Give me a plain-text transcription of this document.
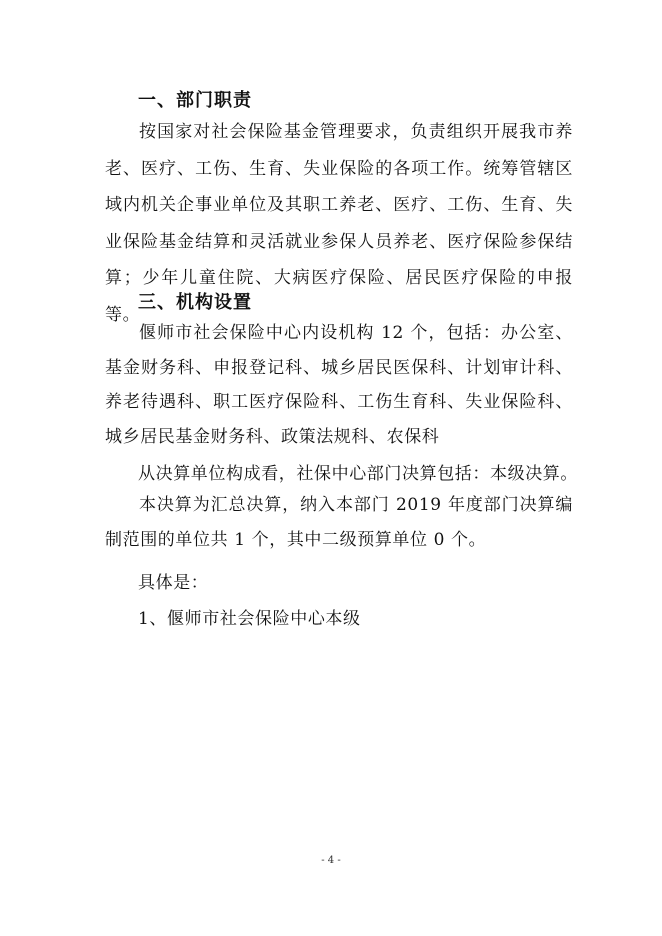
一、部门职责
按国家对社会保险基金管理要求，负责组织开展我市养老、医疗、工伤、生育、失业保险的各项工作。统筹管辖区域内机关企事业单位及其职工养老、医疗、工伤、生育、失业保险基金结算和灵活就业参保人员养老、医疗保险参保结算；少年儿童住院、大病医疗保险、居民医疗保险的申报等。
三、机构设置
偃师市社会保险中心内设机构 12 个，包括：办公室、基金财务科、申报登记科、城乡居民医保科、计划审计科、养老待遇科、职工医疗保险科、工伤生育科、失业保险科、城乡居民基金财务科、政策法规科、农保科
从决算单位构成看，社保中心部门决算包括：本级决算。
本决算为汇总决算，纳入本部门 2019 年度部门决算编制范围的单位共 1 个，其中二级预算单位 0 个。
具体是：
1、偃师市社会保险中心本级
- 4 -
